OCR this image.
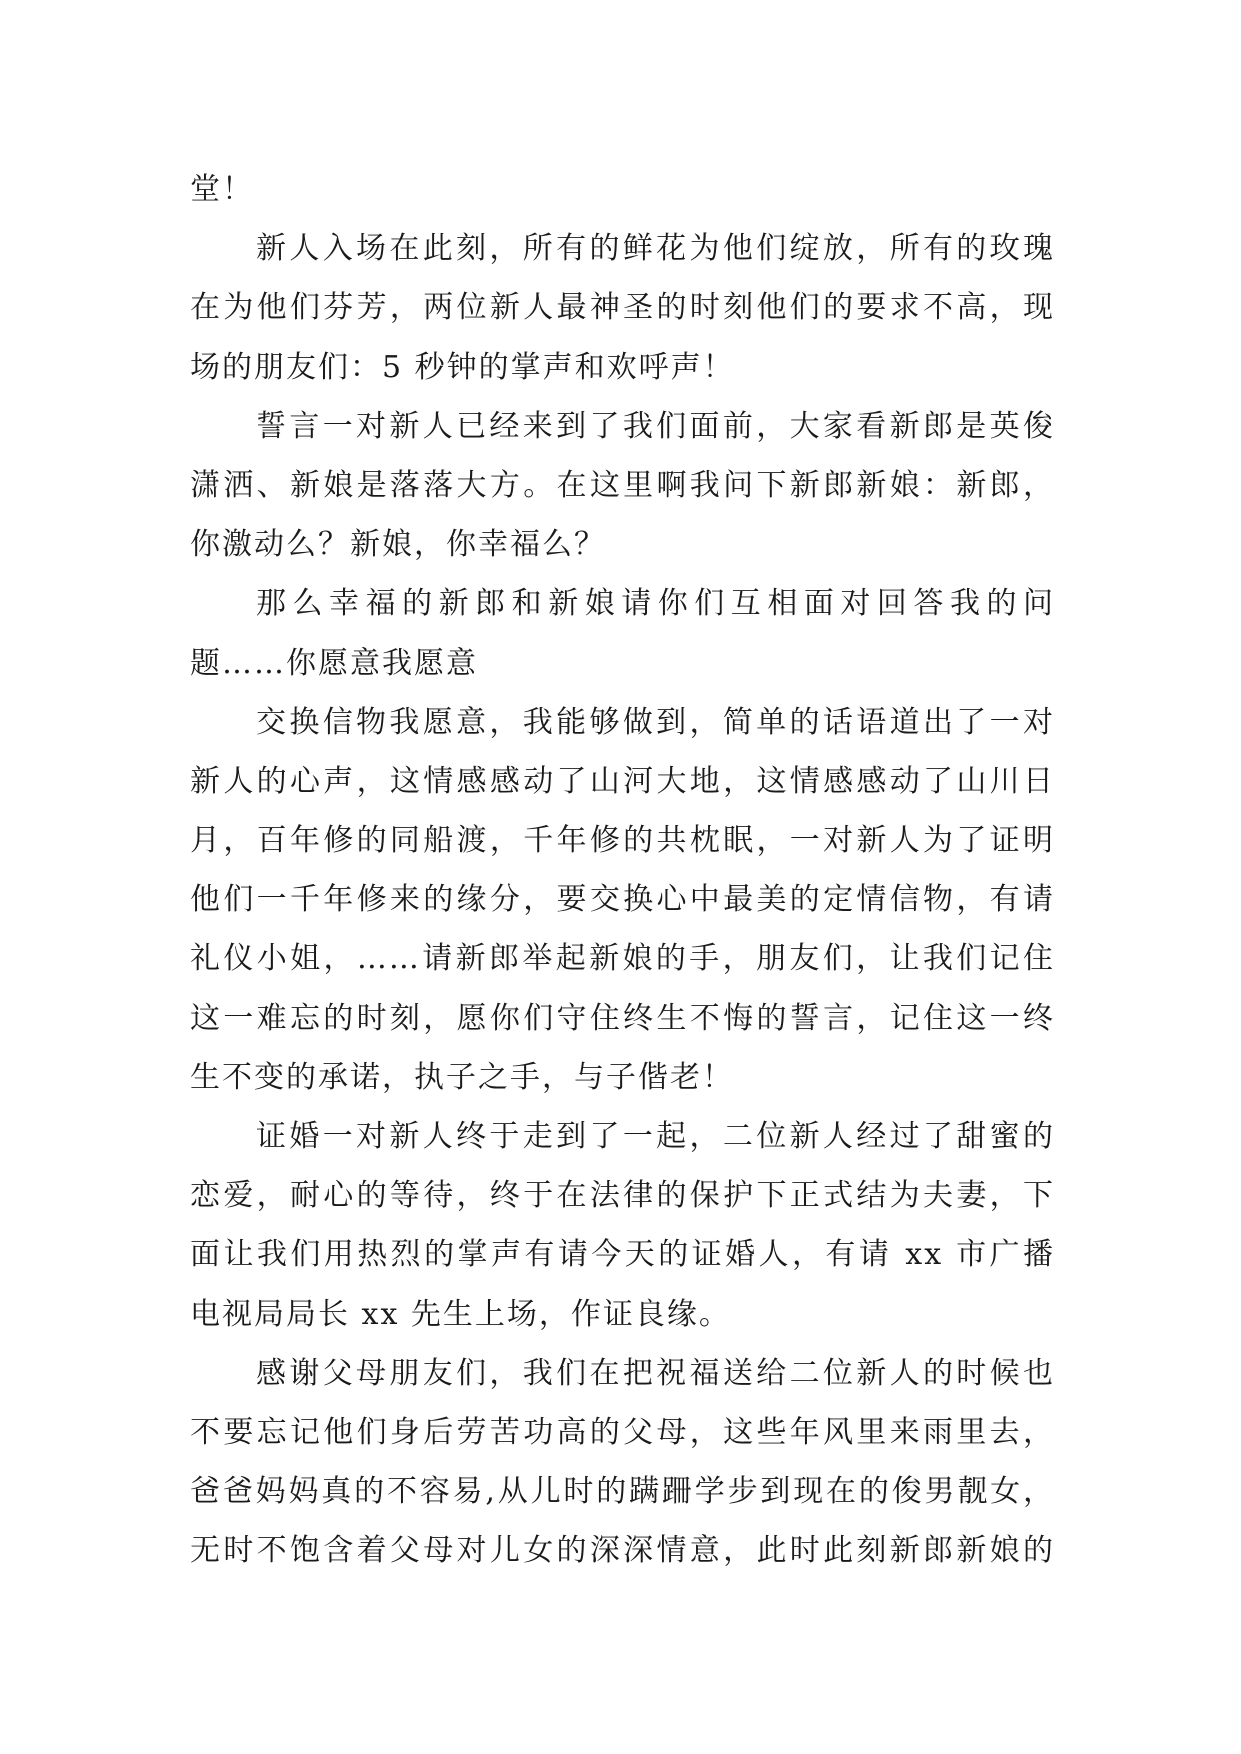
堂！
新人入场在此刻，所有的鲜花为他们绽放，所有的玫瑰
在为他们芬芳，两位新人最神圣的时刻他们的要求不高，现
场的朋友们：5 秒钟的掌声和欢呼声！
誓言一对新人已经来到了我们面前，大家看新郎是英俊
潇洒、新娘是落落大方。在这里啊我问下新郎新娘：新郎，
你激动么？新娘，你幸福么？
那么幸福的新郎和新娘请你们互相面对回答我的问
题……你愿意我愿意
交换信物我愿意，我能够做到，简单的话语道出了一对
新人的心声，这情感感动了山河大地，这情感感动了山川日
月，百年修的同船渡，千年修的共枕眠，一对新人为了证明
他们一千年修来的缘分，要交换心中最美的定情信物，有请
礼仪小姐，……请新郎举起新娘的手，朋友们，让我们记住
这一难忘的时刻，愿你们守住终生不悔的誓言，记住这一终
生不变的承诺，执子之手，与子偕老！
证婚一对新人终于走到了一起，二位新人经过了甜蜜的
恋爱，耐心的等待，终于在法律的保护下正式结为夫妻，下
面让我们用热烈的掌声有请今天的证婚人，有请 xx 市广播
电视局局长 xx 先生上场，作证良缘。
感谢父母朋友们，我们在把祝福送给二位新人的时候也
不要忘记他们身后劳苦功高的父母，这些年风里来雨里去，
爸爸妈妈真的不容易,从儿时的蹒跚学步到现在的俊男靓女，
无时不饱含着父母对儿女的深深情意，此时此刻新郎新娘的
